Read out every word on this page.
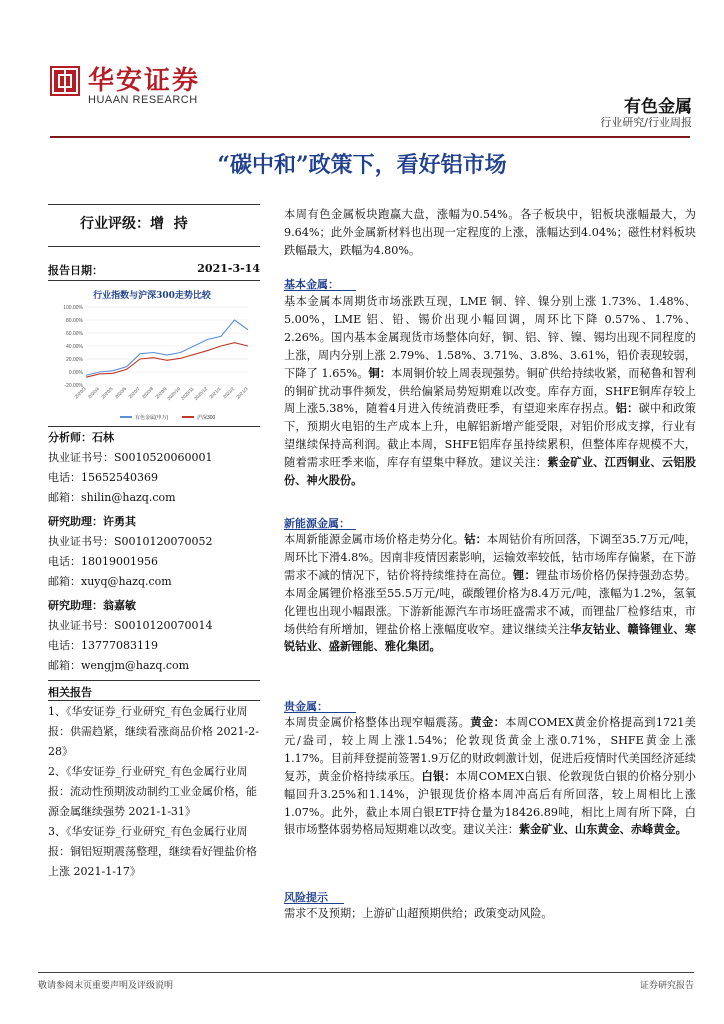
华安证券
HUAAN RESEARCH	有色金属
行业研究/行业周报
“碳中和”政策下，看好铝市场
行业评级：增  持
报告日期：	2021-3-14
行业指数与沪深300走势比较
100.00%
80.00%
60.00%
40.00%
20.00%
0.00%
-20.00%
2020/3 2020/4 2020/5 2020/6 2020/7 2020/8 2020/9
2020/10
2020/11
2020/12 2021/1 2021/2 2021/3
有色金属(申万)	沪深300
分析师：石林
执业证书号：S0010520060001
电话：15652540369
邮箱：shilin@hazq.com
研究助理：许勇其
执业证书号：S0010120070052
电话：18019001956
邮箱：xuyq@hazq.com
研究助理：翁嘉敏
执业证书号：S0010120070014
电话：13777083119
邮箱：wengjm@hazq.com
相关报告
1、《华安证券_行业研究_有色金属行业周报：供需趋紧，继续看涨商品价格 2021-2-28》
2、《华安证券_行业研究_有色金属行业周报：流动性预期波动制约工业金属价格，能源金属继续强势 2021-1-31》
3、《华安证券_行业研究_有色金属行业周报：铜铝短期震荡整理，继续看好锂盐价格上涨 2021-1-17》
本周有色金属板块跑赢大盘，涨幅为0.54%。各子板块中，铝板块涨幅最大，为9.64%；此外金属新材料也出现一定程度的上涨，涨幅达到4.04%；磁性材料板块跌幅最大，跌幅为4.80%。
基本金属：
基本金属本周期货市场涨跌互现，LME 铜、锌、镍分别上涨 1.73%、1.48%、5.00%，LME 铝、铅、锡价出现小幅回调，周环比下降 0.57%、1.7%、2.26%。国内基本金属现货市场整体向好，铜、铝、锌、镍、锡均出现不同程度的上涨，周内分别上涨 2.79%、1.58%、3.71%、3.8%、3.61%，铅价表现较弱，下降了 1.65%。铜：本周铜价较上周表现强势。铜矿供给持续收紧，而秘鲁和智利的铜矿扰动事件频发，供给偏紧局势短期难以改变。库存方面，SHFE铜库存较上周上涨5.38%，随着4月进入传统消费旺季，有望迎来库存拐点。铝：碳中和政策下，预期火电铝的生产成本上升，电解铝新增产能受限，对铝价形成支撑，行业有望继续保持高利润。截止本周，SHFE铝库存虽持续累积，但整体库存规模不大，随着需求旺季来临，库存有望集中释放。建议关注：紫金矿业、江西铜业、云铝股份、神火股份。
新能源金属：
本周新能源金属市场价格走势分化。钴：本周钴价有所回落，下调至35.7万元/吨，周环比下滑4.8%。因南非疫情因素影响，运输效率较低，钴市场库存偏紧，在下游需求不减的情况下，钴价将持续维持在高位。锂：锂盐市场价格仍保持强劲态势。本周金属锂价格涨至55.5万元/吨，碳酸锂价格为8.4万元/吨，涨幅为1.2%，氢氧化锂也出现小幅跟涨。下游新能源汽车市场旺盛需求不减，而锂盐厂检修结束，市场供给有所增加，锂盐价格上涨幅度收窄。建议继续关注华友钴业、赣锋锂业、寒锐钴业、盛新锂能、雅化集团。
贵金属：
本周贵金属价格整体出现窄幅震荡。黄金：本周COMEX黄金价格提高到1721美元/盎司，较上周上涨1.54%；伦敦现货黄金上涨0.71%，SHFE黄金上涨1.17%。目前拜登提前签署1.9万亿的财政刺激计划，促进后疫情时代美国经济延续复苏，黄金价格持续承压。白银：本周COMEX白银、伦敦现货白银的价格分别小幅回升3.25%和1.14%，沪银现货价格本周冲高后有所回落，较上周相比上涨1.07%。此外，截止本周白银ETF持仓量为18426.89吨，相比上周有所下降，白银市场整体弱势格局短期难以改变。建议关注：紫金矿业、山东黄金、赤峰黄金。
风险提示
需求不及预期；上游矿山超预期供给；政策变动风险。
敬请参阅末页重要声明及评级说明	证券研究报告
